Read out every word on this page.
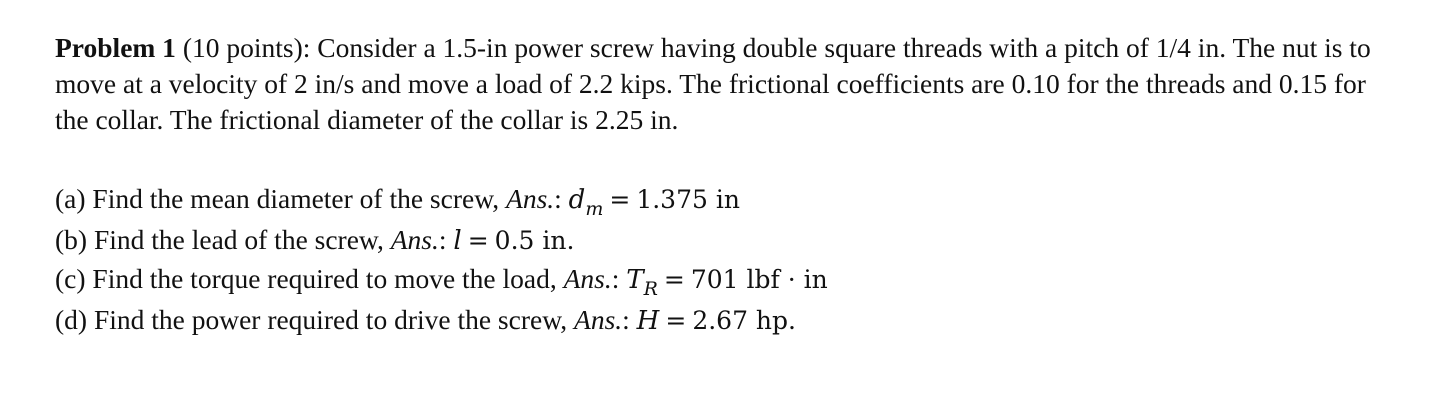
Problem 1 (10 points): Consider a 1.5-in power screw having double square threads with a pitch of 1/4 in. The nut is to move at a velocity of 2 in/s and move a load of 2.2 kips. The frictional coefficients are 0.10 for the threads and 0.15 for the collar. The frictional diameter of the collar is 2.25 in.

(a) Find the mean diameter of the screw, Ans.: $d_m = 1.375$ in

(b) Find the lead of the screw, Ans.: l = 0.5 in.

(c) Find the torque required to move the load, Ans.: $T_R = 701$ lbf · in

(d) Find the power required to drive the screw, Ans.: H = 2.67 hp.
